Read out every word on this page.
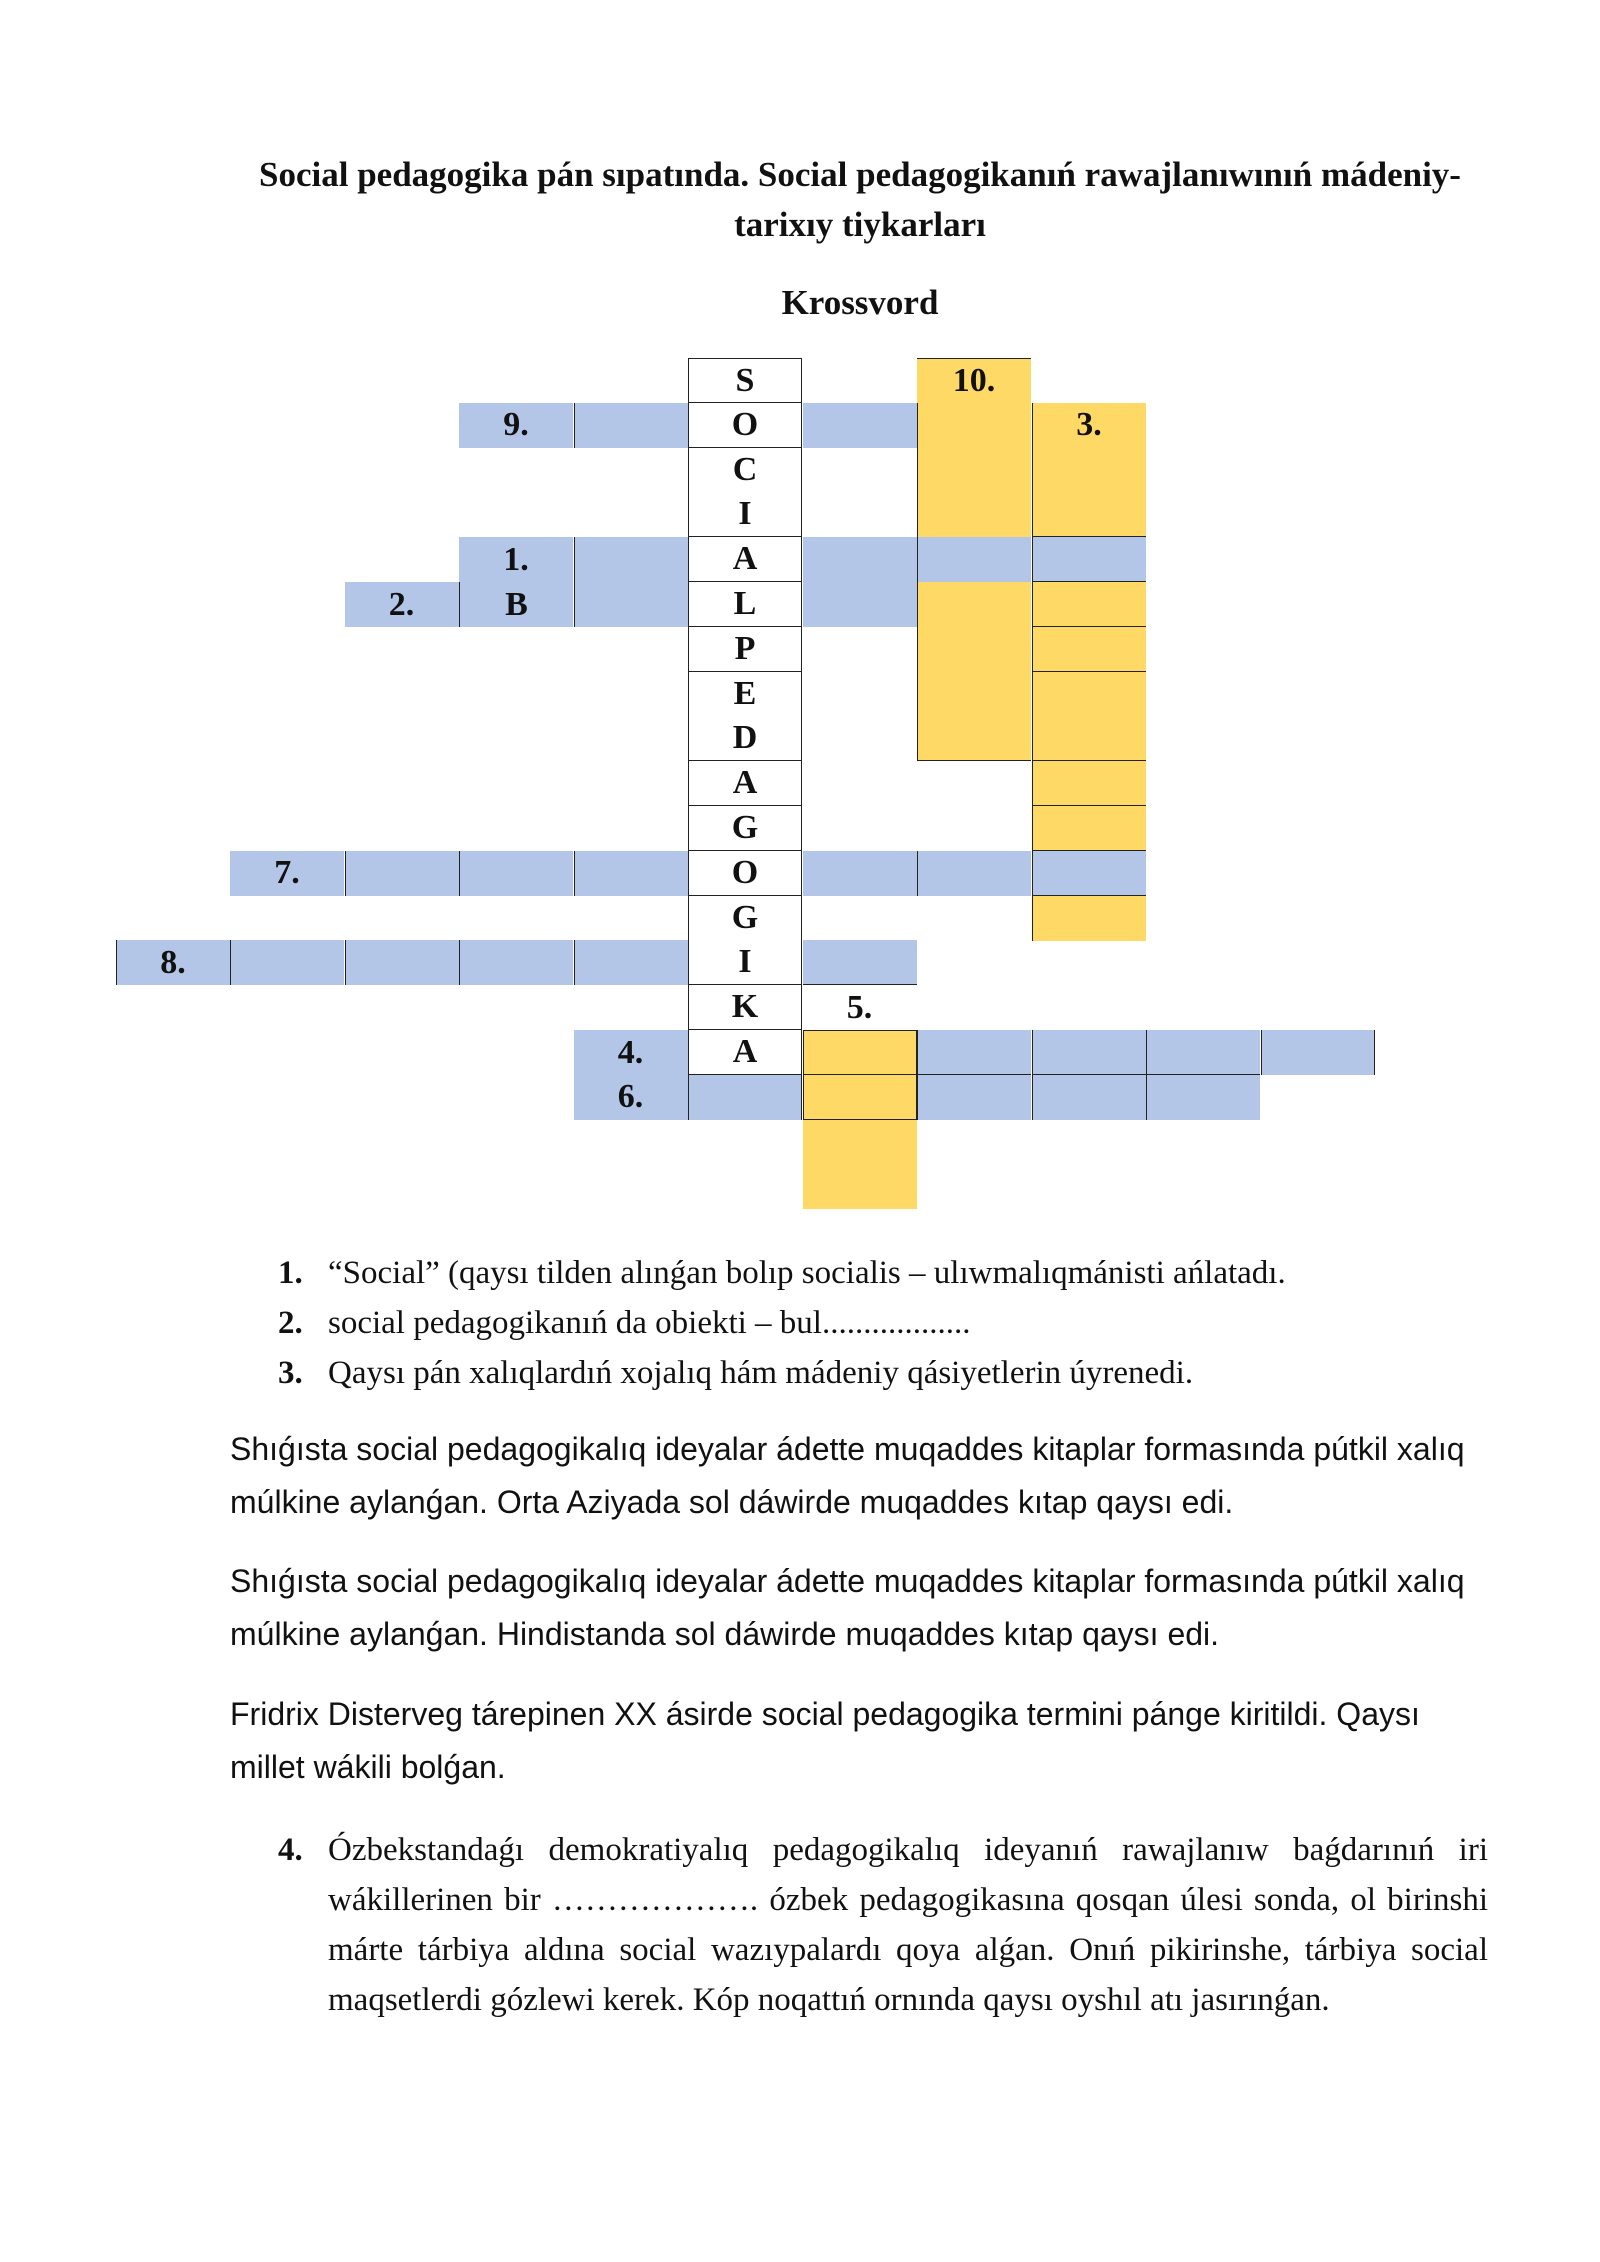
Social pedagogika pán sıpatında. Social pedagogikanıń rawajlanıwınıń mádeniy-tarixıy tiykarları
Krossvord
S
O
C
I
A
L
P
E
D
A
G
O
G
I
K
A
9.
10.
3.
1.
2.	B
7.
8.
5.
4.
6.
1. “Social” (qaysı tilden alınǵan bolıp socialis – ulıwmalıqmánisti ańlatadı.
2. social pedagogikanıń da obiekti – bul..................
3. Qaysı pán xalıqlardıń xojalıq hám mádeniy qásiyetlerin úyrenedi.
Shıǵısta social pedagogikalıq ideyalar ádette muqaddes kitaplar formasında pútkil xalıq múlkine aylanǵan. Orta Aziyada sol dáwirde muqaddes kıtap qaysı edi.
Shıǵısta social pedagogikalıq ideyalar ádette muqaddes kitaplar formasında pútkil xalıq múlkine aylanǵan. Hindistanda sol dáwirde muqaddes kıtap qaysı edi.
Fridrix Disterveg tárepinen XX ásirde social pedagogika termini pánge kiritildi. Qaysı millet wákili bolǵan.
4. Ózbekstandaǵı demokratiyalıq pedagogikalıq ideyanıń rawajlanıw baǵdarınıń iri wákillerinen bir ………………. ózbek pedagogikasına qosqan úlesi sonda, ol birinshi márte tárbiya aldına social wazıypalardı qoya alǵan. Onıń pikirinshe, tárbiya social maqsetlerdi gózlewi kerek. Kóp noqattıń ornında qaysı oyshıl atı jasırınǵan.
